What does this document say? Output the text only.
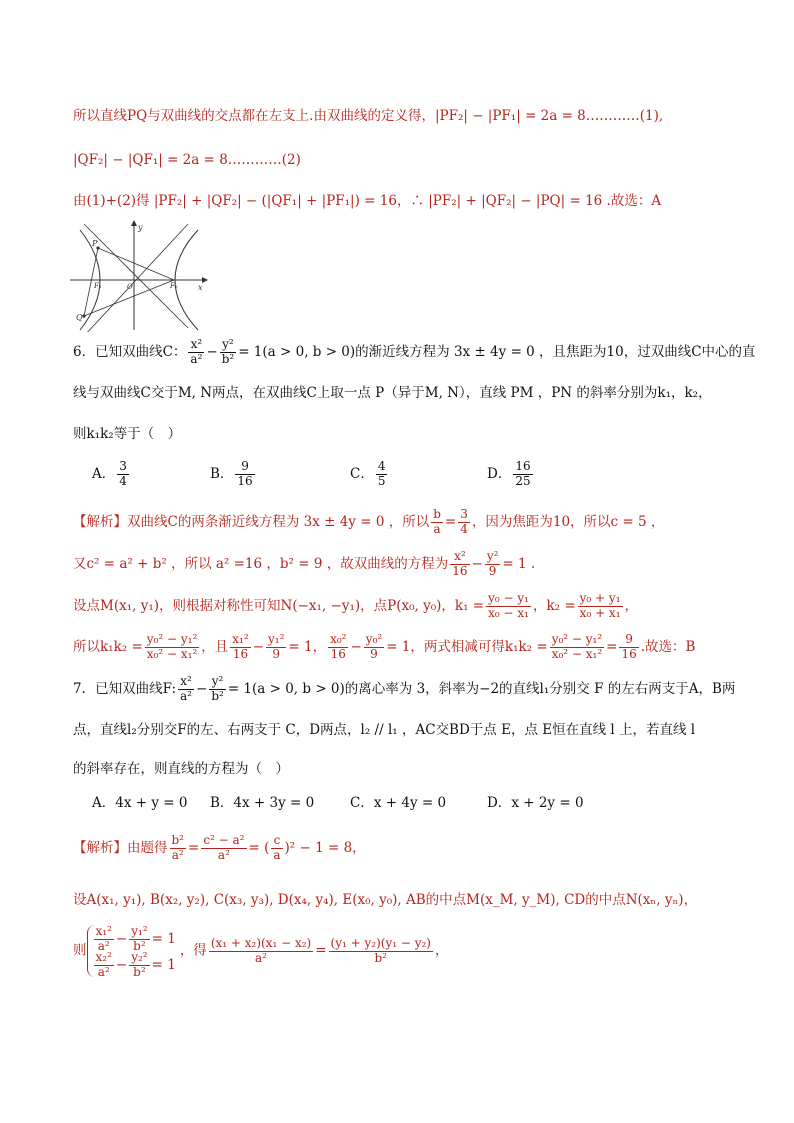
所以直线PQ与双曲线的交点都在左支上.由双曲线的定义得，|PF₂| − |PF₁| = 2a = 8…………(1),
|QF₂| − |QF₁| = 2a = 8…………(2)
由(1)+(2)得 |PF₂| + |QF₂| − (|QF₁| + |PF₁|) = 16，∴ |PF₂| + |QF₂| − |PQ| = 16 .故选：A
y
x
P
O
Q
F₁	F₂
6．已知双曲线C： $\frac{\text{x²}}{\text{a²}} - \frac{\text{y²}}{\text{b²}} = 1(a > 0$, b > 0)的渐近线方程为 3x ± 4y = 0 ，且焦距为10，过双曲线C中心的直
线与双曲线C交于M, N两点，在双曲线C上取一点 P（异于M, N），直线 PM ，PN 的斜率分别为k₁，k₂，
则k₁k₂等于（　）
A． $\frac{3}{4}$	B． $\frac{9}{16}$	C． $\frac{4}{5}$	D． $\frac{16}{25}$
【解析】双曲线C的两条渐近线方程为 3x ± 4y = 0 ，所以 $\frac{b}{a} = \frac{3}{4}$ ，因为焦距为10，所以c = 5 ，
又c² = a² + b² ，所以 a² =16 ，b² = 9 ，故双曲线的方程为 $\frac{\text{x²}}{16} - \frac{\text{y²}}{9} = 1$ .
设点M(x₁, y₁)，则根据对称性可知N(−x₁, −y₁)，点P(x₀, y₀)，$k_1 = \frac{\text{y₀ − y₁}}{\text{x₀ − x₁}}$ ，$k_2 = \frac{\text{y₀ + y₁}}{\text{x₀ + x₁}}$ ，
所以$k_1k_2 = \frac{\text{y₀² − y₁²}}{\text{x₀² − x₁²}}$ ，且 $\frac{\text{x₁²}}{16} - \frac{\text{y₁²}}{9} = 1$， $\frac{\text{x₀²}}{16} - \frac{\text{y₀²}}{9} = 1$，两式相减可得$k_1k_2 = \frac{\text{y₀² − y₁²}}{\text{x₀² − x₁²}} = \frac{9}{16}$ .故选：B
7．已知双曲线F: $\frac{\text{x²}}{\text{a²}} - \frac{\text{y²}}{\text{b²}} = 1(a > 0$, b > 0)的离心率为 3，斜率为−2的直线l₁分别交 F 的左右两支于A，B两
点，直线l₂分别交F的左、右两支于 C，D两点，l₂ // l₁ ，AC交BD于点 E，点 E恒在直线 l 上，若直线 l
的斜率存在，则直线的方程为（　）
A．4x + y = 0 B．4x + 3y = 0	C．x + 4y = 0	D．x + 2y = 0
【解析】由题得 $\frac{\text{b²}}{\text{a²}} = \frac{\text{c² − a²}}{\text{a²}}$ = ( $\frac{c}{a} )^2 - 1 = 8$，
设A(x₁, y₁), B(x₂, y₂), C(x₃, y₃), D(x₄, y₄), E(x₀, y₀), AB的中点M(x_M, y_M), CD的中点N(xₙ, yₙ)，
则 $\frac{\text{x₁²}}{\text{a²}} - \frac{\text{y₁²}}{\text{b²}} = 1$
$\frac{\text{x₂²}}{\text{a²}} - \frac{\text{y₂²}}{\text{b²}} = 1$
，得 $\frac{\text{(x₁ + x₂)(x₁ − x₂)}}{\text{a²}} = \frac{\text{(y₁ + y₂)(y₁ − y₂)}}{\text{b²}}$ ，
